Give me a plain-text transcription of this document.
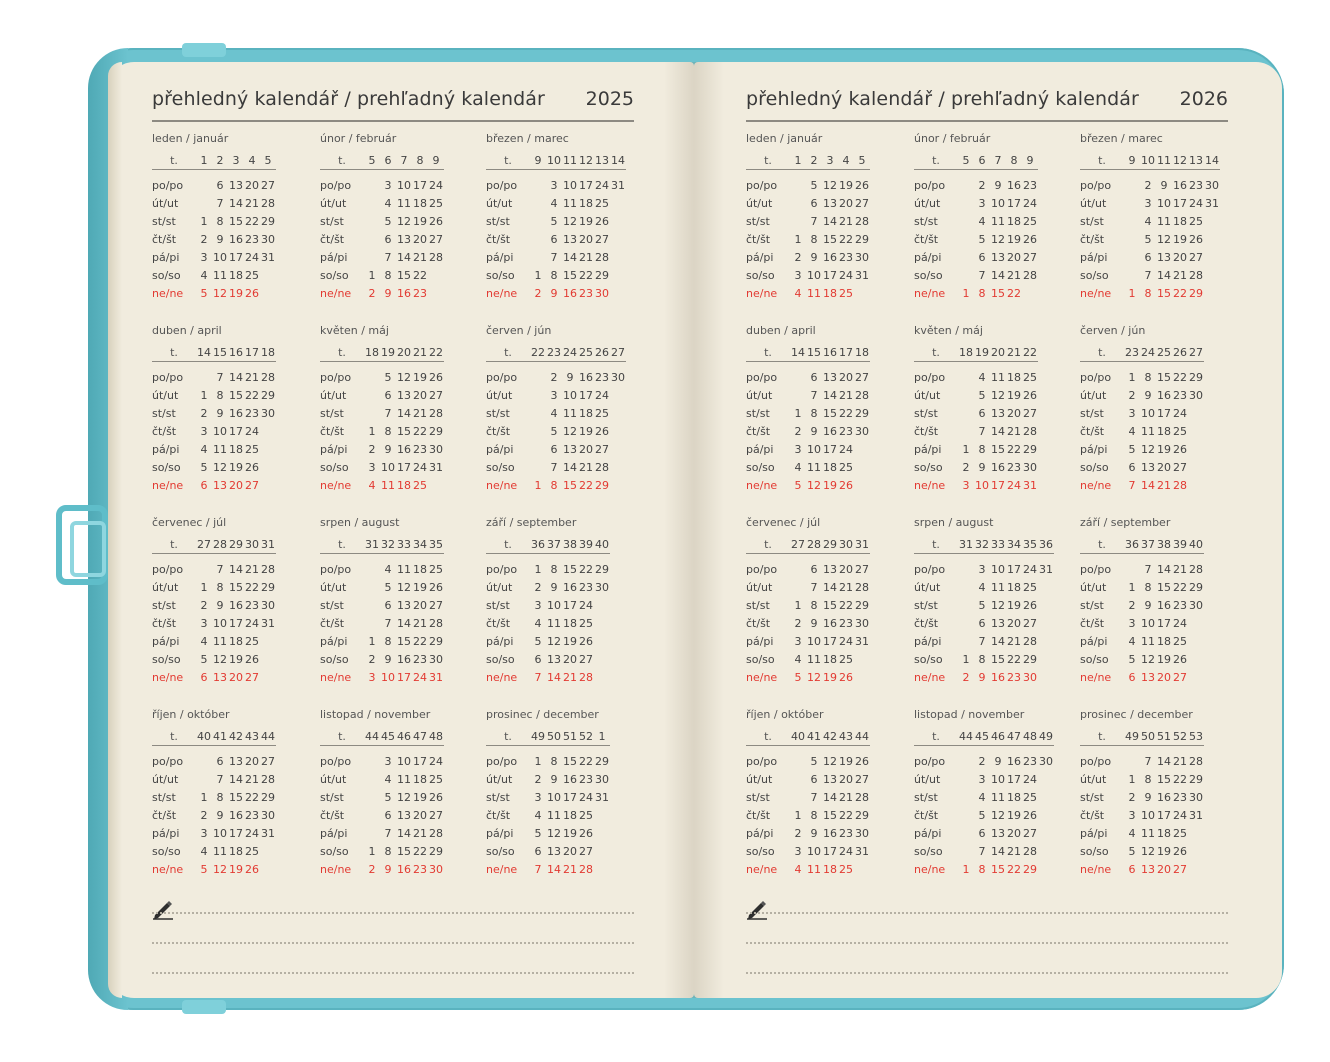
přehledný kalendář / prehľadný kalendár 2025	přehledný kalendář / prehľadný kalendár 2026
leden / január
t.	1 2 3 4 5
po/po	6 13 20 27
út/ut	7 14 21 28
st/st	1 8 15 22 29
čt/št	2 9 16 23 30
pá/pi	3 10 17 24 31
so/so	4 11 18 25
ne/ne	5 12 19 26
únor / február
t.	5 6 7 8 9
po/po	3 10 17 24
út/ut	4 11 18 25
st/st	5 12 19 26
čt/št	6 13 20 27
pá/pi	7 14 21 28
so/so	1 8 15 22
ne/ne	2 9 16 23
březen / marec
t.	9 10 11 12 13 14
po/po	3 10 17 24 31
út/ut	4 11 18 25
st/st	5 12 19 26
čt/št	6 13 20 27
pá/pi	7 14 21 28
so/so	1 8 15 22 29
ne/ne	2 9 16 23 30
duben / april
t.	14 15 16 17 18
po/po	7 14 21 28
út/ut	1 8 15 22 29
st/st	2 9 16 23 30
čt/št	3 10 17 24
pá/pi	4 11 18 25
so/so	5 12 19 26
ne/ne	6 13 20 27
květen / máj
t.	18 19 20 21 22
po/po	5 12 19 26
út/ut	6 13 20 27
st/st	7 14 21 28
čt/št	1 8 15 22 29
pá/pi	2 9 16 23 30
so/so	3 10 17 24 31
ne/ne	4 11 18 25
červen / jún
t.	22 23 24 25 26 27
po/po	2 9 16 23 30
út/ut	3 10 17 24
st/st	4 11 18 25
čt/št	5 12 19 26
pá/pi	6 13 20 27
so/so	7 14 21 28
ne/ne	1 8 15 22 29
červenec / júl
t.	27 28 29 30 31
po/po	7 14 21 28
út/ut	1 8 15 22 29
st/st	2 9 16 23 30
čt/št	3 10 17 24 31
pá/pi	4 11 18 25
so/so	5 12 19 26
ne/ne	6 13 20 27
srpen / august
t.	31 32 33 34 35
po/po	4 11 18 25
út/ut	5 12 19 26
st/st	6 13 20 27
čt/št	7 14 21 28
pá/pi	1 8 15 22 29
so/so	2 9 16 23 30
ne/ne	3 10 17 24 31
září / september
t.	36 37 38 39 40
po/po	1 8 15 22 29
út/ut	2 9 16 23 30
st/st	3 10 17 24
čt/št	4 11 18 25
pá/pi	5 12 19 26
so/so	6 13 20 27
ne/ne	7 14 21 28
říjen / október
t.	40 41 42 43 44
po/po	6 13 20 27
út/ut	7 14 21 28
st/st	1 8 15 22 29
čt/št	2 9 16 23 30
pá/pi	3 10 17 24 31
so/so	4 11 18 25
ne/ne	5 12 19 26
listopad / november
t.	44 45 46 47 48
po/po	3 10 17 24
út/ut	4 11 18 25
st/st	5 12 19 26
čt/št	6 13 20 27
pá/pi	7 14 21 28
so/so	1 8 15 22 29
ne/ne	2 9 16 23 30
prosinec / december
t.	49 50 51 52 1
po/po	1 8 15 22 29
út/ut	2 9 16 23 30
st/st	3 10 17 24 31
čt/št	4 11 18 25
pá/pi	5 12 19 26
so/so	6 13 20 27
ne/ne	7 14 21 28
leden / január
t.	1 2 3 4 5
po/po	5 12 19 26
út/ut	6 13 20 27
st/st	7 14 21 28
čt/št	1 8 15 22 29
pá/pi	2 9 16 23 30
so/so	3 10 17 24 31
ne/ne	4 11 18 25
únor / február
t.	5 6 7 8 9
po/po	2 9 16 23
út/ut	3 10 17 24
st/st	4 11 18 25
čt/št	5 12 19 26
pá/pi	6 13 20 27
so/so	7 14 21 28
ne/ne	1 8 15 22
březen / marec
t.	9 10 11 12 13 14
po/po	2 9 16 23 30
út/ut	3 10 17 24 31
st/st	4 11 18 25
čt/št	5 12 19 26
pá/pi	6 13 20 27
so/so	7 14 21 28
ne/ne	1 8 15 22 29
duben / april
t.	14 15 16 17 18
po/po	6 13 20 27
út/ut	7 14 21 28
st/st	1 8 15 22 29
čt/št	2 9 16 23 30
pá/pi	3 10 17 24
so/so	4 11 18 25
ne/ne	5 12 19 26
květen / máj
t.	18 19 20 21 22
po/po	4 11 18 25
út/ut	5 12 19 26
st/st	6 13 20 27
čt/št	7 14 21 28
pá/pi	1 8 15 22 29
so/so	2 9 16 23 30
ne/ne	3 10 17 24 31
červen / jún
t.	23 24 25 26 27
po/po	1 8 15 22 29
út/ut	2 9 16 23 30
st/st	3 10 17 24
čt/št	4 11 18 25
pá/pi	5 12 19 26
so/so	6 13 20 27
ne/ne	7 14 21 28
červenec / júl
t.	27 28 29 30 31
po/po	6 13 20 27
út/ut	7 14 21 28
st/st	1 8 15 22 29
čt/št	2 9 16 23 30
pá/pi	3 10 17 24 31
so/so	4 11 18 25
ne/ne	5 12 19 26
srpen / august
t.	31 32 33 34 35 36
po/po	3 10 17 24 31
út/ut	4 11 18 25
st/st	5 12 19 26
čt/št	6 13 20 27
pá/pi	7 14 21 28
so/so	1 8 15 22 29
ne/ne	2 9 16 23 30
září / september
t.	36 37 38 39 40
po/po	7 14 21 28
út/ut	1 8 15 22 29
st/st	2 9 16 23 30
čt/št	3 10 17 24
pá/pi	4 11 18 25
so/so	5 12 19 26
ne/ne	6 13 20 27
říjen / október
t.	40 41 42 43 44
po/po	5 12 19 26
út/ut	6 13 20 27
st/st	7 14 21 28
čt/št	1 8 15 22 29
pá/pi	2 9 16 23 30
so/so	3 10 17 24 31
ne/ne	4 11 18 25
listopad / november
t.	44 45 46 47 48 49
po/po	2 9 16 23 30
út/ut	3 10 17 24
st/st	4 11 18 25
čt/št	5 12 19 26
pá/pi	6 13 20 27
so/so	7 14 21 28
ne/ne	1 8 15 22 29
prosinec / december
t.	49 50 51 52 53
po/po	7 14 21 28
út/ut	1 8 15 22 29
st/st	2 9 16 23 30
čt/št	3 10 17 24 31
pá/pi	4 11 18 25
so/so	5 12 19 26
ne/ne	6 13 20 27
